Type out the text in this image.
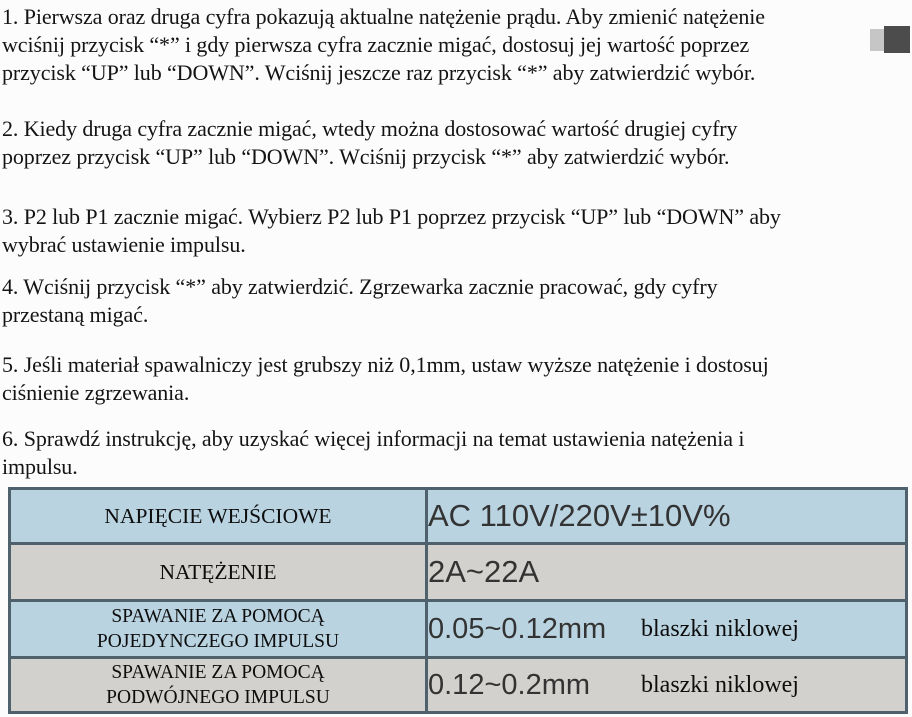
1. Pierwsza oraz druga cyfra pokazują aktualne natężenie prądu. Aby zmienić natężenie
wciśnij przycisk “*” i gdy pierwsza cyfra zacznie migać, dostosuj jej wartość poprzez
przycisk “UP” lub “DOWN”. Wciśnij jeszcze raz przycisk “*” aby zatwierdzić wybór.

2. Kiedy druga cyfra zacznie migać, wtedy można dostosować wartość drugiej cyfry
poprzez przycisk “UP” lub “DOWN”. Wciśnij przycisk “*” aby zatwierdzić wybór.

3. P2 lub P1 zacznie migać. Wybierz P2 lub P1 poprzez przycisk “UP” lub “DOWN” aby
wybrać ustawienie impulsu.

4. Wciśnij przycisk “*” aby zatwierdzić. Zgrzewarka zacznie pracować, gdy cyfry
przestaną migać.

5. Jeśli materiał spawalniczy jest grubszy niż 0,1mm, ustaw wyższe natężenie i dostosuj
ciśnienie zgrzewania.

6. Sprawdź instrukcję, aby uzyskać więcej informacji na temat ustawienia natężenia i
impulsu.

NAPIĘCIE WEJŚCIOWE	AC 110V/220V±10V%
NATĘŻENIE	2A~22A
SPAWANIE ZA POMOCĄ
POJEDYNCZEGO IMPULSU	0.05~0.12mm blaszki niklowej
SPAWANIE ZA POMOCĄ
PODWÓJNEGO IMPULSU	0.12~0.2mm blaszki niklowej
